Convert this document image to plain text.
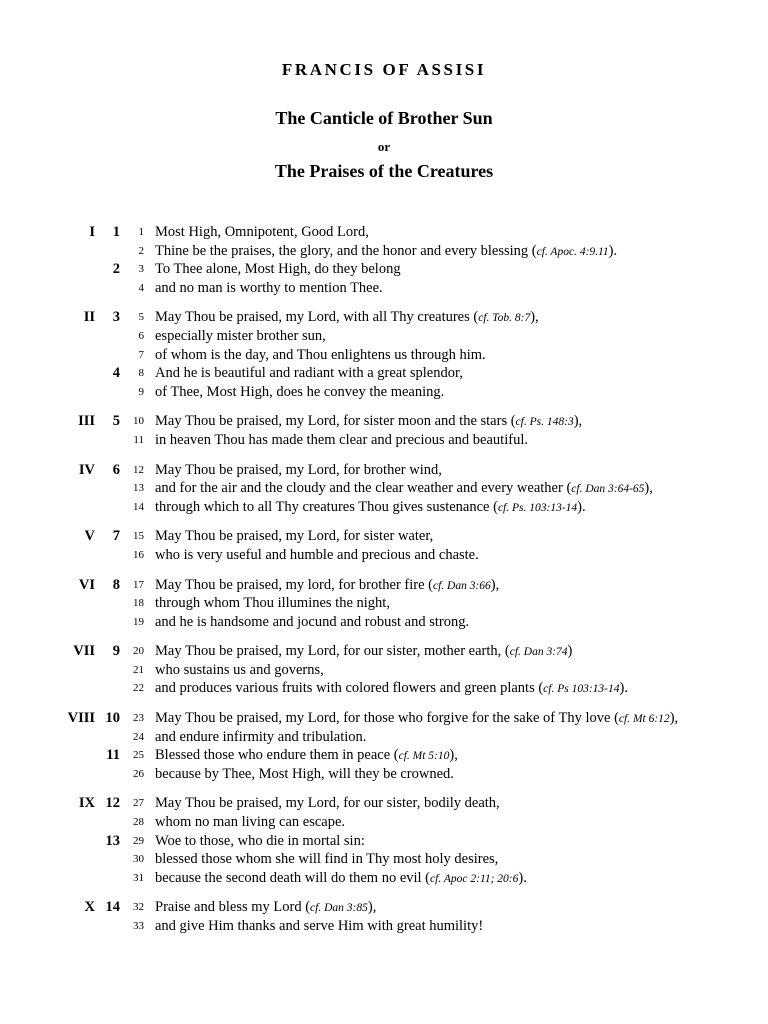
FRANCIS OF ASSISI
The Canticle of Brother Sun
or
The Praises of the Creatures
I 1 1 Most High, Omnipotent, Good Lord,
2 Thine be the praises, the glory, and the honor and every blessing (cf. Apoc. 4:9.11).
2 3 To Thee alone, Most High, do they belong
4 and no man is worthy to mention Thee.
II 3 5 May Thou be praised, my Lord, with all Thy creatures (cf. Tob. 8:7),
6 especially mister brother sun,
7 of whom is the day, and Thou enlightens us through him.
4 8 And he is beautiful and radiant with a great splendor,
9 of Thee, Most High, does he convey the meaning.
III 5 10 May Thou be praised, my Lord, for sister moon and the stars (cf. Ps. 148:3),
11 in heaven Thou has made them clear and precious and beautiful.
IV 6 12 May Thou be praised, my Lord, for brother wind,
13 and for the air and the cloudy and the clear weather and every weather (cf. Dan 3:64-65),
14 through which to all Thy creatures Thou gives sustenance (cf. Ps. 103:13-14).
V 7 15 May Thou be praised, my Lord, for sister water,
16 who is very useful and humble and precious and chaste.
VI 8 17 May Thou be praised, my lord, for brother fire (cf. Dan 3:66),
18 through whom Thou illumines the night,
19 and he is handsome and jocund and robust and strong.
VII 9 20 May Thou be praised, my Lord, for our sister, mother earth, (cf. Dan 3:74)
21 who sustains us and governs,
22 and produces various fruits with colored flowers and green plants (cf. Ps 103:13-14).
VIII 10 23 May Thou be praised, my Lord, for those who forgive for the sake of Thy love (cf. Mt 6:12),
24 and endure infirmity and tribulation.
11 25 Blessed those who endure them in peace (cf. Mt 5:10),
26 because by Thee, Most High, will they be crowned.
IX 12 27 May Thou be praised, my Lord, for our sister, bodily death,
28 whom no man living can escape.
13 29 Woe to those, who die in mortal sin:
30 blessed those whom she will find in Thy most holy desires,
31 because the second death will do them no evil (cf. Apoc 2:11; 20:6).
X 14 32 Praise and bless my Lord (cf. Dan 3:85),
33 and give Him thanks and serve Him with great humility!
